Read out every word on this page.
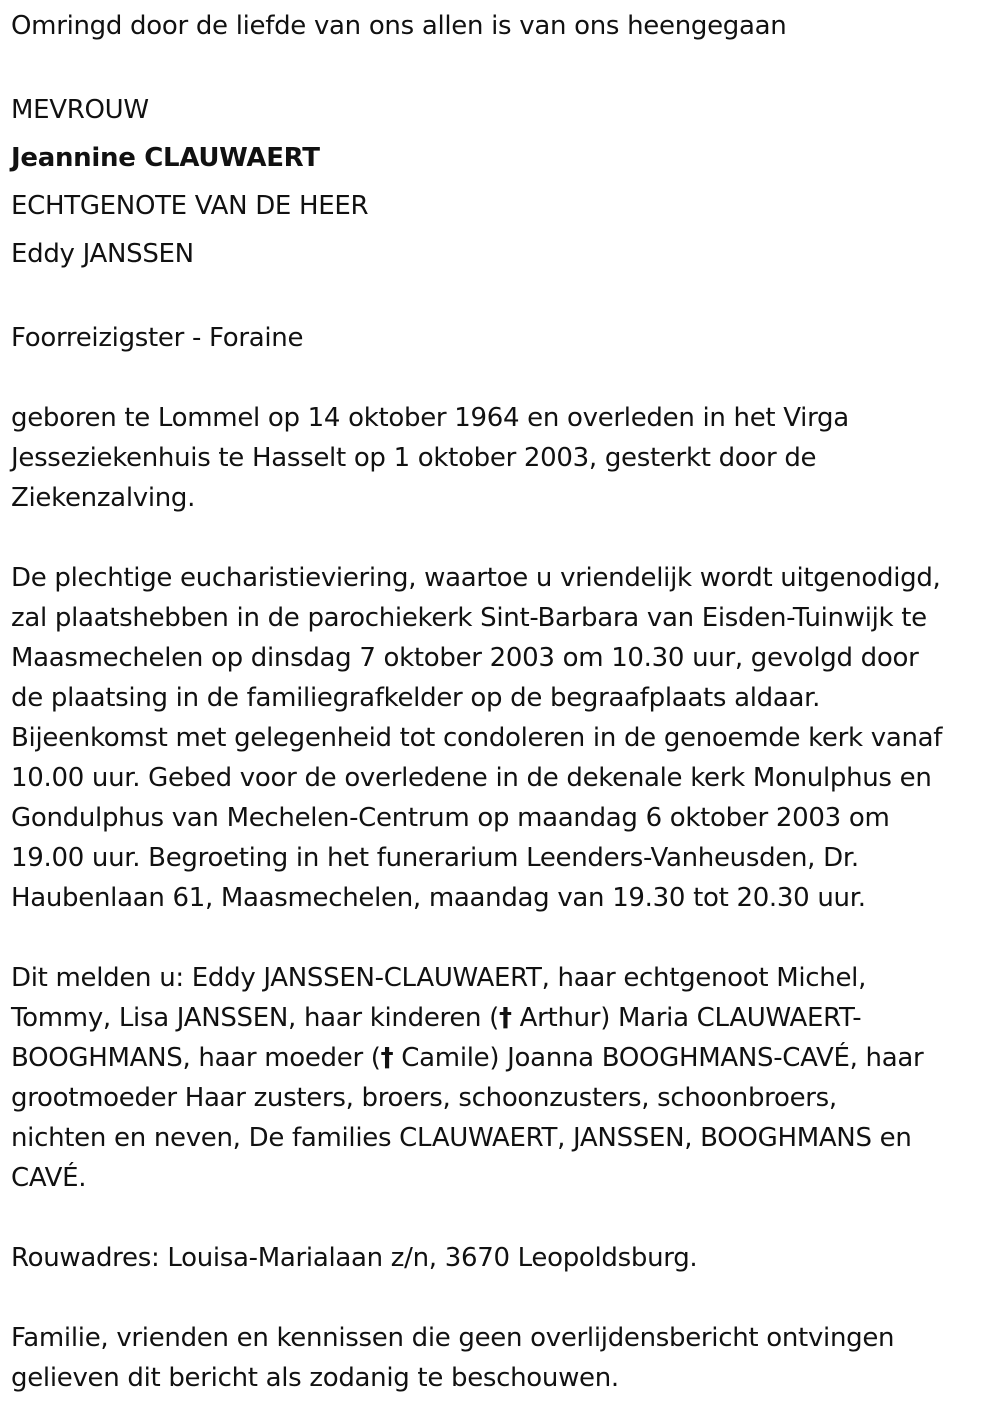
Omringd door de liefde van ons allen is van ons heengegaan

MEVROUW

Jeannine CLAUWAERT

ECHTGENOTE VAN DE HEER

Eddy JANSSEN

Foorreizigster - Foraine

geboren te Lommel op 14 oktober 1964 en overleden in het Virga

Jesseziekenhuis te Hasselt op 1 oktober 2003, gesterkt door de

Ziekenzalving.

De plechtige eucharistieviering, waartoe u vriendelijk wordt uitgenodigd,

zal plaatshebben in de parochiekerk Sint-Barbara van Eisden-Tuinwijk te

Maasmechelen op dinsdag 7 oktober 2003 om 10.30 uur, gevolgd door

de plaatsing in de familiegrafkelder op de begraafplaats aldaar.

Bijeenkomst met gelegenheid tot condoleren in de genoemde kerk vanaf

10.00 uur. Gebed voor de overledene in de dekenale kerk Monulphus en

Gondulphus van Mechelen-Centrum op maandag 6 oktober 2003 om

19.00 uur. Begroeting in het funerarium Leenders-Vanheusden, Dr.

Haubenlaan 61, Maasmechelen, maandag van 19.30 tot 20.30 uur.

Dit melden u: Eddy JANSSEN-CLAUWAERT, haar echtgenoot Michel,

Tommy, Lisa JANSSEN, haar kinderen († Arthur) Maria CLAUWAERT-

BOOGHMANS, haar moeder († Camile) Joanna BOOGHMANS-CAVÉ, haar

grootmoeder Haar zusters, broers, schoonzusters, schoonbroers,

nichten en neven, De families CLAUWAERT, JANSSEN, BOOGHMANS en

CAVÉ.

Rouwadres: Louisa-Marialaan z/n, 3670 Leopoldsburg.

Familie, vrienden en kennissen die geen overlijdensbericht ontvingen

gelieven dit bericht als zodanig te beschouwen.
